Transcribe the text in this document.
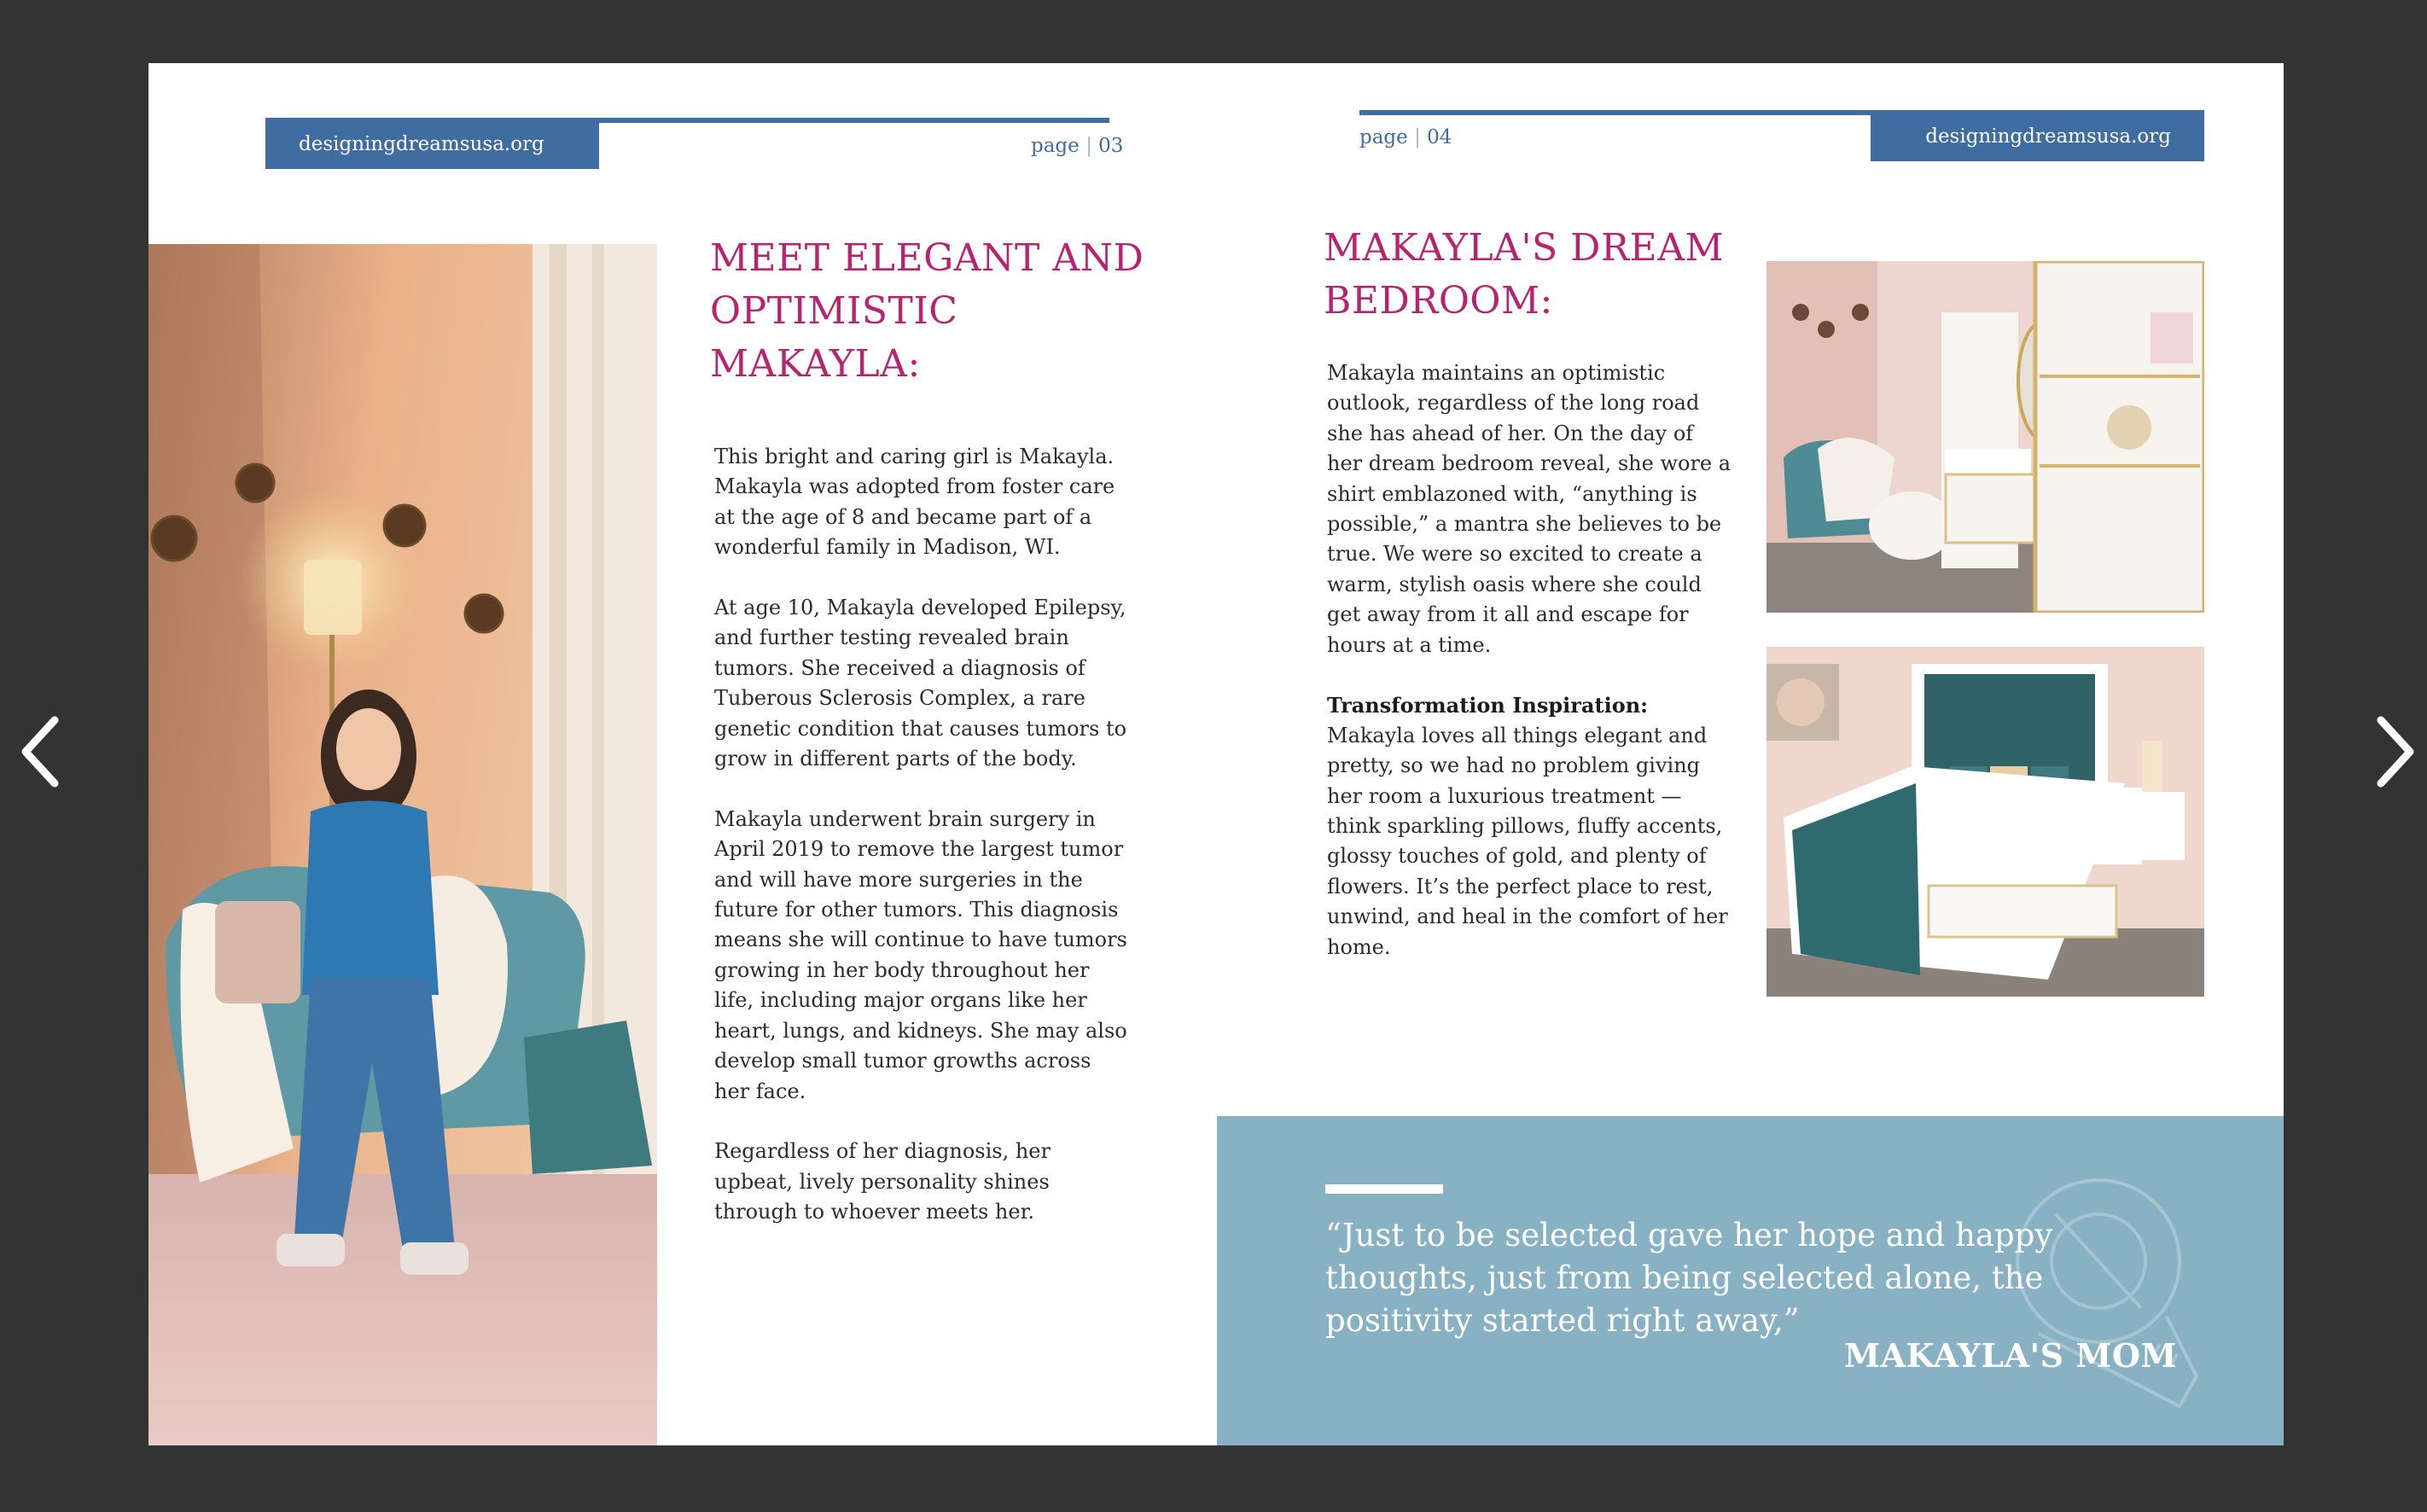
designingdreamsusa.org	page | 03
MEET ELEGANT AND OPTIMISTIC MAKAYLA:

This bright and caring girl is Makayla. Makayla was adopted from foster care at the age of 8 and became part of a wonderful family in Madison, WI.

At age 10, Makayla developed Epilepsy, and further testing revealed brain tumors. She received a diagnosis of Tuberous Sclerosis Complex, a rare genetic condition that causes tumors to grow in different parts of the body.

Makayla underwent brain surgery in April 2019 to remove the largest tumor and will have more surgeries in the future for other tumors. This diagnosis means she will continue to have tumors growing in her body throughout her life, including major organs like her heart, lungs, and kidneys. She may also develop small tumor growths across her face.

Regardless of her diagnosis, her upbeat, lively personality shines through to whoever meets her.

designingdreamsusa.org
page | 04
MAKAYLA'S DREAM BEDROOM:

Makayla maintains an optimistic outlook, regardless of the long road she has ahead of her. On the day of her dream bedroom reveal, she wore a shirt emblazoned with, “anything is possible,” a mantra she believes to be true. We were so excited to create a warm, stylish oasis where she could get away from it all and escape for hours at a time.

Transformation Inspiration:
Makayla loves all things elegant and pretty, so we had no problem giving her room a luxurious treatment — think sparkling pillows, fluffy accents, glossy touches of gold, and plenty of flowers. It’s the perfect place to rest, unwind, and heal in the comfort of her home.

“Just to be selected gave her hope and happy thoughts, just from being selected alone, the positivity started right away,”

MAKAYLA'S MOM
